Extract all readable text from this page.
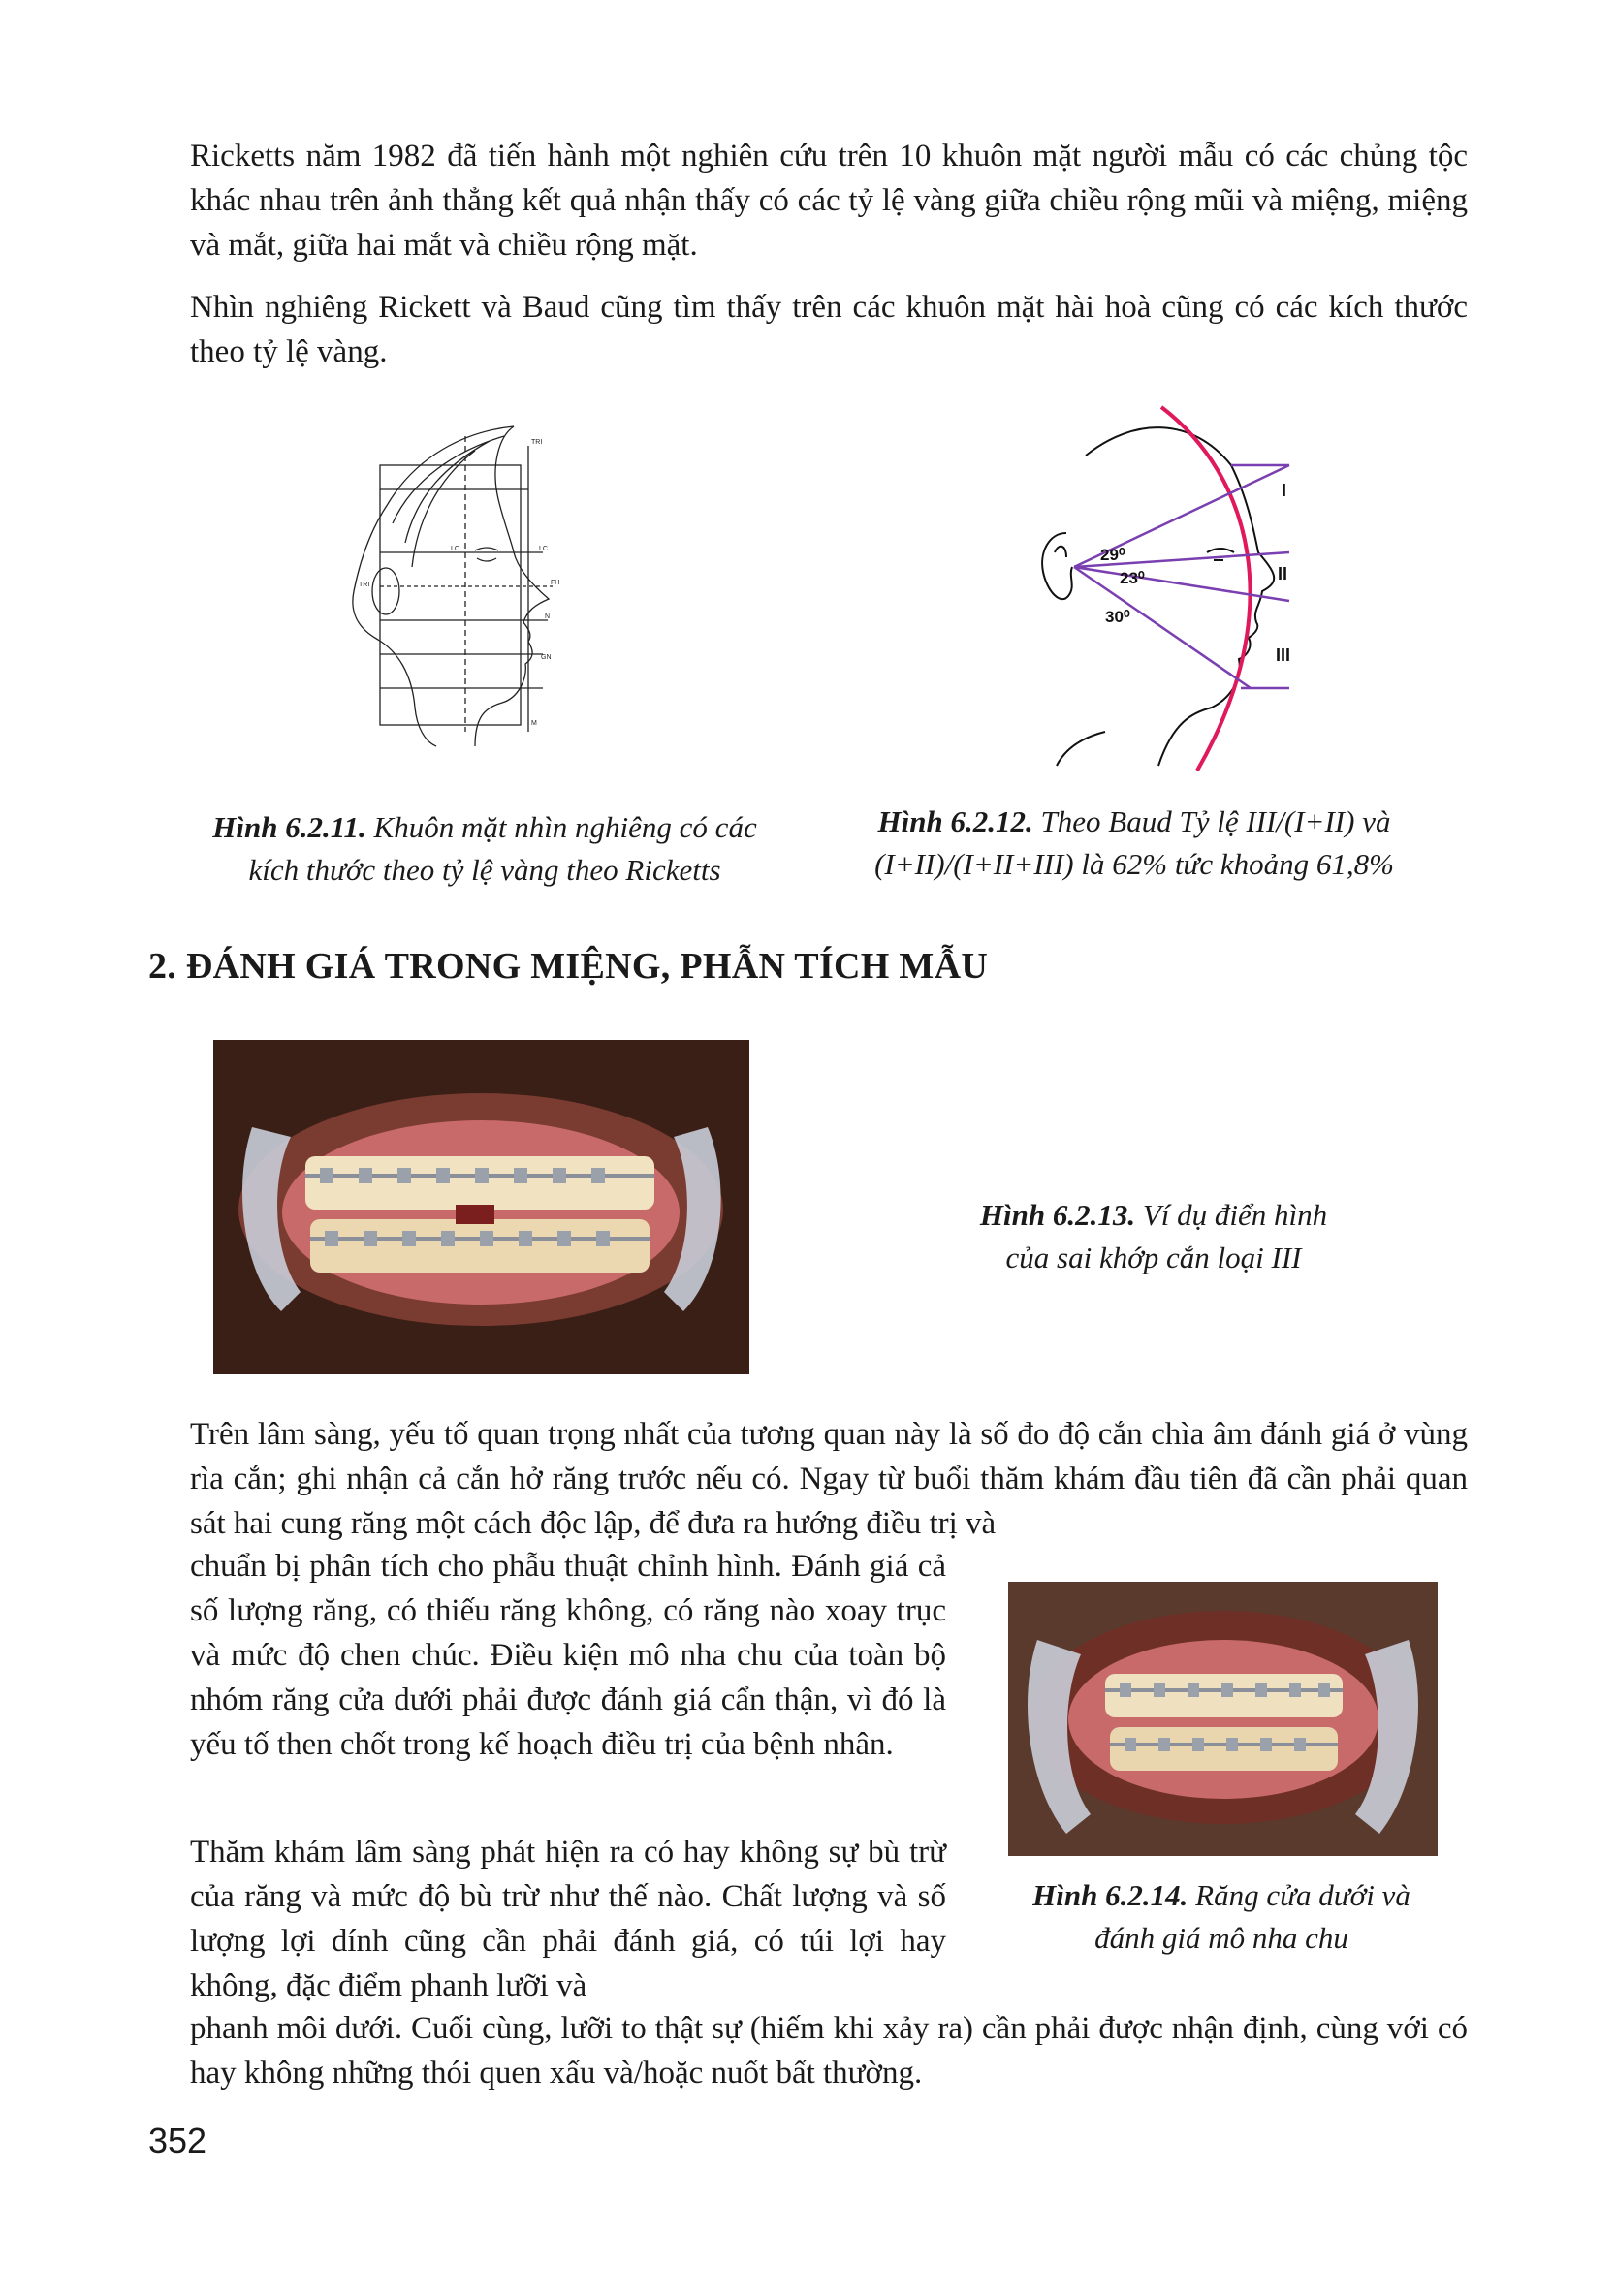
Ricketts năm 1982 đã tiến hành một nghiên cứu trên 10 khuôn mặt người mẫu có các chủng tộc khác nhau trên ảnh thẳng kết quả nhận thấy có các tỷ lệ vàng giữa chiều rộng mũi và miệng, miệng và mắt, giữa hai mắt và chiều rộng mặt.

Nhìn nghiêng Rickett và Baud cũng tìm thấy trên các khuôn mặt hài hoà cũng có các kích thước theo tỷ lệ vàng.

TRI
LC
FH
N
GN
M
LC
TRI
29⁰
23⁰
30⁰
I
II
III

Hình 6.2.11. Khuôn mặt nhìn nghiêng có các
kích thước theo tỷ lệ vàng theo Ricketts

Hình 6.2.12. Theo Baud Tỷ lệ III/(I+II) và
(I+II)/(I+II+III) là 62% tức khoảng 61,8%

2. ĐÁNH GIÁ TRONG MIỆNG, PHẪN TÍCH MẪU

Hình 6.2.13. Ví dụ điển hình
của sai khớp cắn loại III

Trên lâm sàng, yếu tố quan trọng nhất của tương quan này là số đo độ cắn chìa âm đánh giá ở vùng rìa cắn; ghi nhận cả cắn hở răng trước nếu có. Ngay từ buổi thăm khám đầu tiên đã cần phải quan sát hai cung răng một cách độc lập, để đưa ra hướng điều trị và

chuẩn bị phân tích cho phẫu thuật chỉnh hình. Đánh giá cả số lượng răng, có thiếu răng không, có răng nào xoay trục và mức độ chen chúc. Điều kiện mô nha chu của toàn bộ nhóm răng cửa dưới phải được đánh giá cẩn thận, vì đó là yếu tố then chốt trong kế hoạch điều trị của bệnh nhân.

Hình 6.2.14. Răng cửa dưới và
đánh giá mô nha chu

Thăm khám lâm sàng phát hiện ra có hay không sự bù trừ của răng và mức độ bù trừ như thế nào. Chất lượng và số lượng lợi dính cũng cần phải đánh giá, có túi lợi hay không, đặc điểm phanh lưỡi và

phanh môi dưới. Cuối cùng, lưỡi to thật sự (hiếm khi xảy ra) cần phải được nhận định, cùng với có hay không những thói quen xấu và/hoặc nuốt bất thường.

352
